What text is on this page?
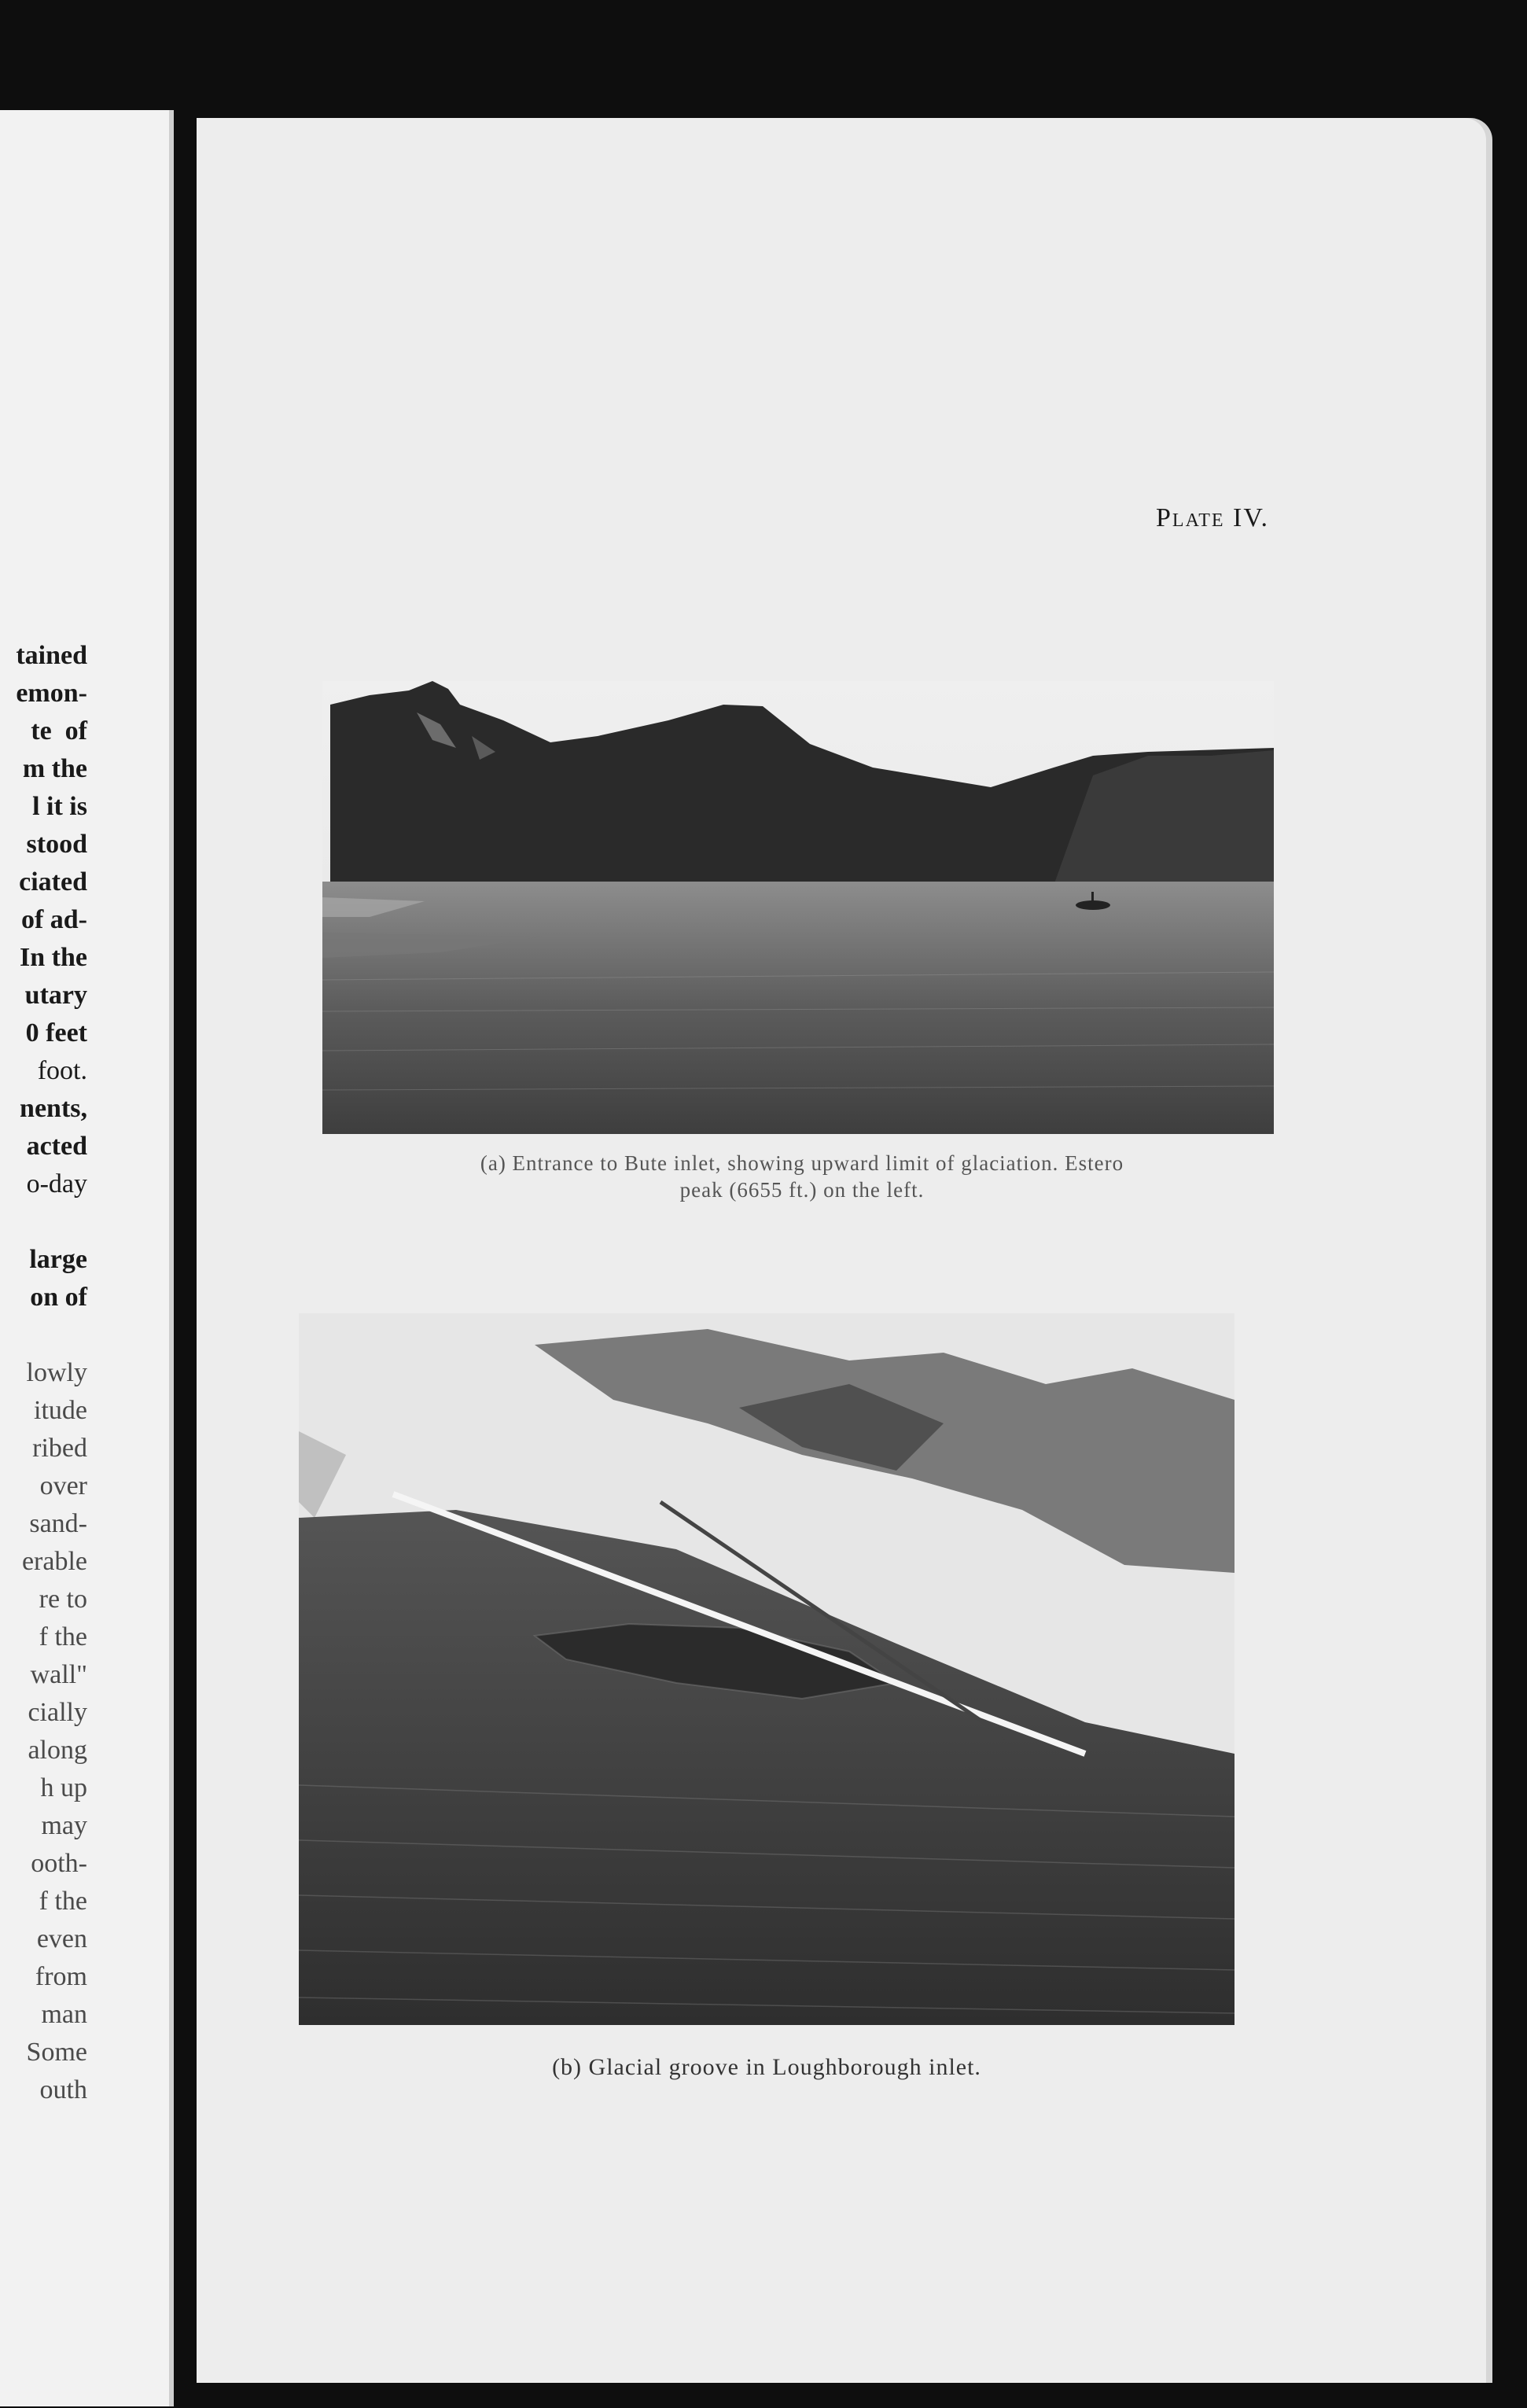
tained
emon-
te  of
m the
l it is
stood
ciated
of ad-
In the
utary
0 feet
foot.
nents,
acted
o-day

large
on of

lowly
itude
ribed
over
sand-
erable
re to
f the
wall"
cially
along
h up
may
ooth-
f the
even
from
man
Some
outh
Plate IV.
(a) Entrance to Bute inlet, showing upward limit of glaciation. Estero
peak (6655 ft.) on the left.
(b) Glacial groove in Loughborough inlet.
